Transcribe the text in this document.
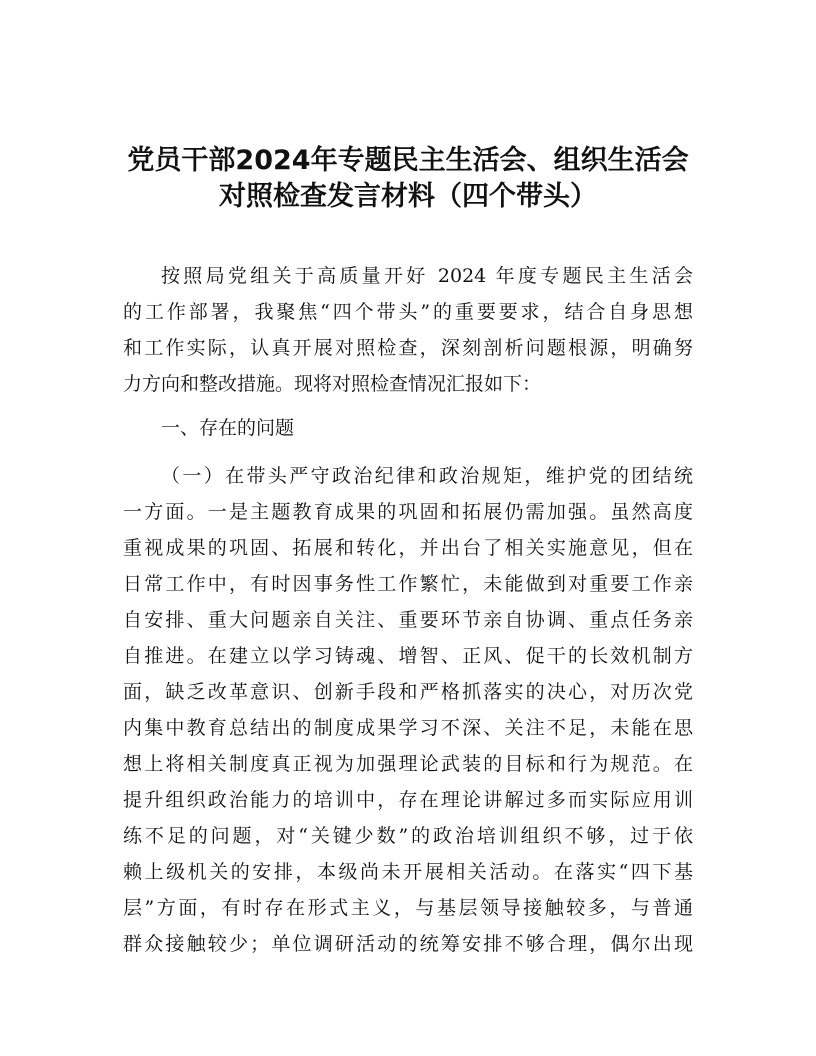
党员干部2024年专题民主生活会、组织生活会
对照检查发言材料（四个带头）
按照局党组关于高质量开好 2024 年度专题民主生活会
的工作部署，我聚焦“四个带头”的重要要求，结合自身思想
和工作实际，认真开展对照检查，深刻剖析问题根源，明确努
力方向和整改措施。现将对照检查情况汇报如下：
一、存在的问题
（一）在带头严守政治纪律和政治规矩，维护党的团结统
一方面。一是主题教育成果的巩固和拓展仍需加强。虽然高度
重视成果的巩固、拓展和转化，并出台了相关实施意见，但在
日常工作中，有时因事务性工作繁忙，未能做到对重要工作亲
自安排、重大问题亲自关注、重要环节亲自协调、重点任务亲
自推进。在建立以学习铸魂、增智、正风、促干的长效机制方
面，缺乏改革意识、创新手段和严格抓落实的决心，对历次党
内集中教育总结出的制度成果学习不深、关注不足，未能在思
想上将相关制度真正视为加强理论武装的目标和行为规范。在
提升组织政治能力的培训中，存在理论讲解过多而实际应用训
练不足的问题，对“关键少数”的政治培训组织不够，过于依
赖上级机关的安排，本级尚未开展相关活动。在落实“四下基
层”方面，有时存在形式主义，与基层领导接触较多，与普通
群众接触较少；单位调研活动的统筹安排不够合理，偶尔出现
